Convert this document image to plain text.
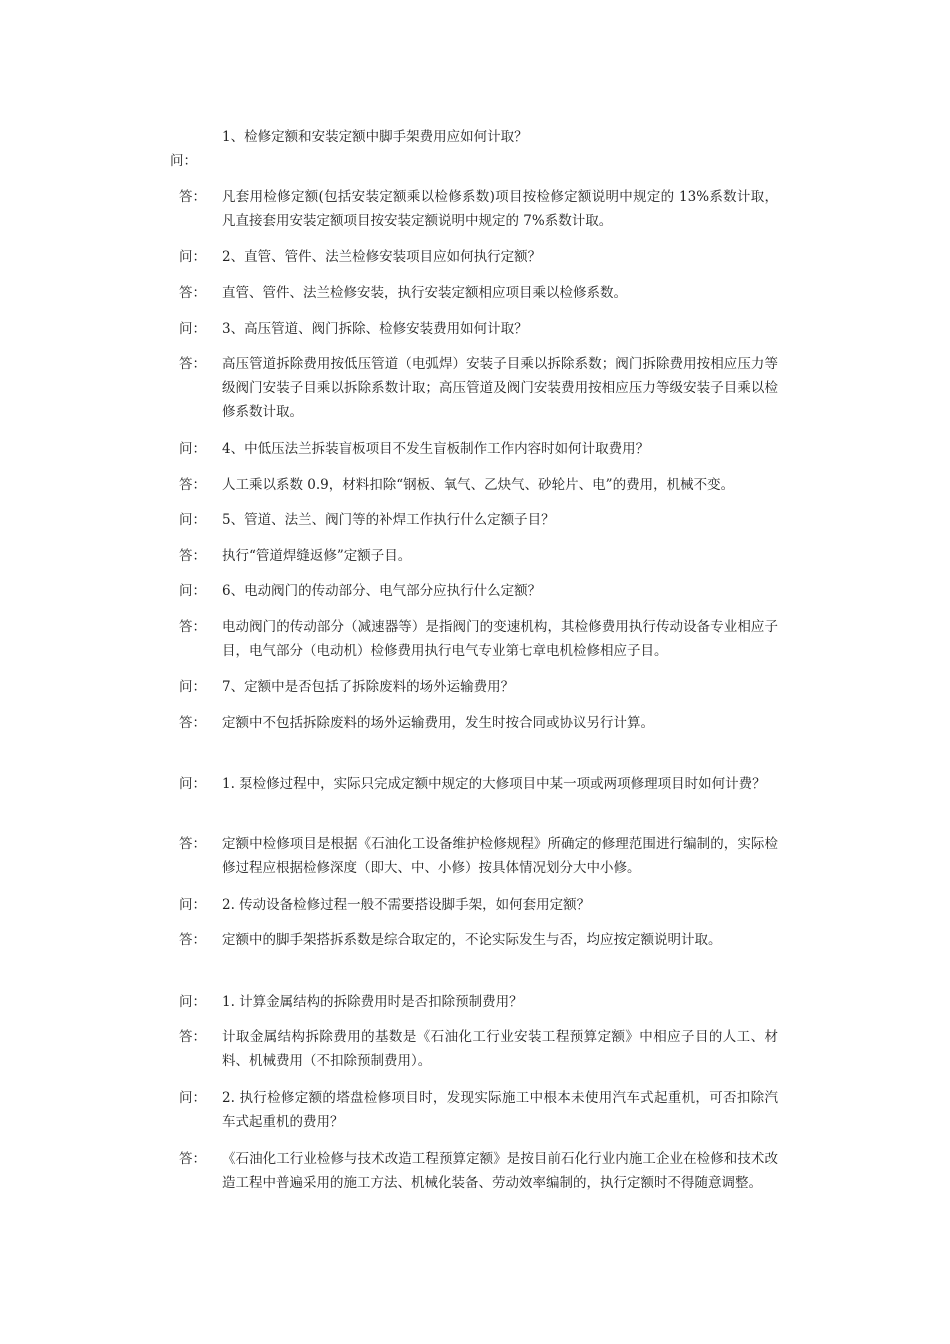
1、检修定额和安装定额中脚手架费用应如何计取？
问：
答： 凡套用检修定额(包括安装定额乘以检修系数)项目按检修定额说明中规定的 13%系数计取，凡直接套用安装定额项目按安装定额说明中规定的 7%系数计取。
问： 2、直管、管件、法兰检修安装项目应如何执行定额？
答： 直管、管件、法兰检修安装，执行安装定额相应项目乘以检修系数。
问： 3、高压管道、阀门拆除、检修安装费用如何计取？
答： 高压管道拆除费用按低压管道（电弧焊）安装子目乘以拆除系数；阀门拆除费用按相应压力等级阀门安装子目乘以拆除系数计取；高压管道及阀门安装费用按相应压力等级安装子目乘以检修系数计取。
问： 4、中低压法兰拆装盲板项目不发生盲板制作工作内容时如何计取费用？
答： 人工乘以系数 0.9，材料扣除“钢板、氧气、乙炔气、砂轮片、电”的费用，机械不变。
问： 5、管道、法兰、阀门等的补焊工作执行什么定额子目？
答： 执行“管道焊缝返修”定额子目。
问： 6、电动阀门的传动部分、电气部分应执行什么定额？
答： 电动阀门的传动部分（减速器等）是指阀门的变速机构，其检修费用执行传动设备专业相应子目，电气部分（电动机）检修费用执行电气专业第七章电机检修相应子目。
问： 7、定额中是否包括了拆除废料的场外运输费用？
答： 定额中不包括拆除废料的场外运输费用，发生时按合同或协议另行计算。
问： 1. 泵检修过程中，实际只完成定额中规定的大修项目中某一项或两项修理项目时如何计费？
答： 定额中检修项目是根据《石油化工设备维护检修规程》所确定的修理范围进行编制的，实际检修过程应根据检修深度（即大、中、小修）按具体情况划分大中小修。
问： 2. 传动设备检修过程一般不需要搭设脚手架，如何套用定额？
答： 定额中的脚手架搭拆系数是综合取定的，不论实际发生与否，均应按定额说明计取。
问： 1. 计算金属结构的拆除费用时是否扣除预制费用？
答： 计取金属结构拆除费用的基数是《石油化工行业安装工程预算定额》中相应子目的人工、材料、机械费用（不扣除预制费用）。
问： 2. 执行检修定额的塔盘检修项目时，发现实际施工中根本未使用汽车式起重机，可否扣除汽车式起重机的费用？
答： 《石油化工行业检修与技术改造工程预算定额》是按目前石化行业内施工企业在检修和技术改造工程中普遍采用的施工方法、机械化装备、劳动效率编制的，执行定额时不得随意调整。
